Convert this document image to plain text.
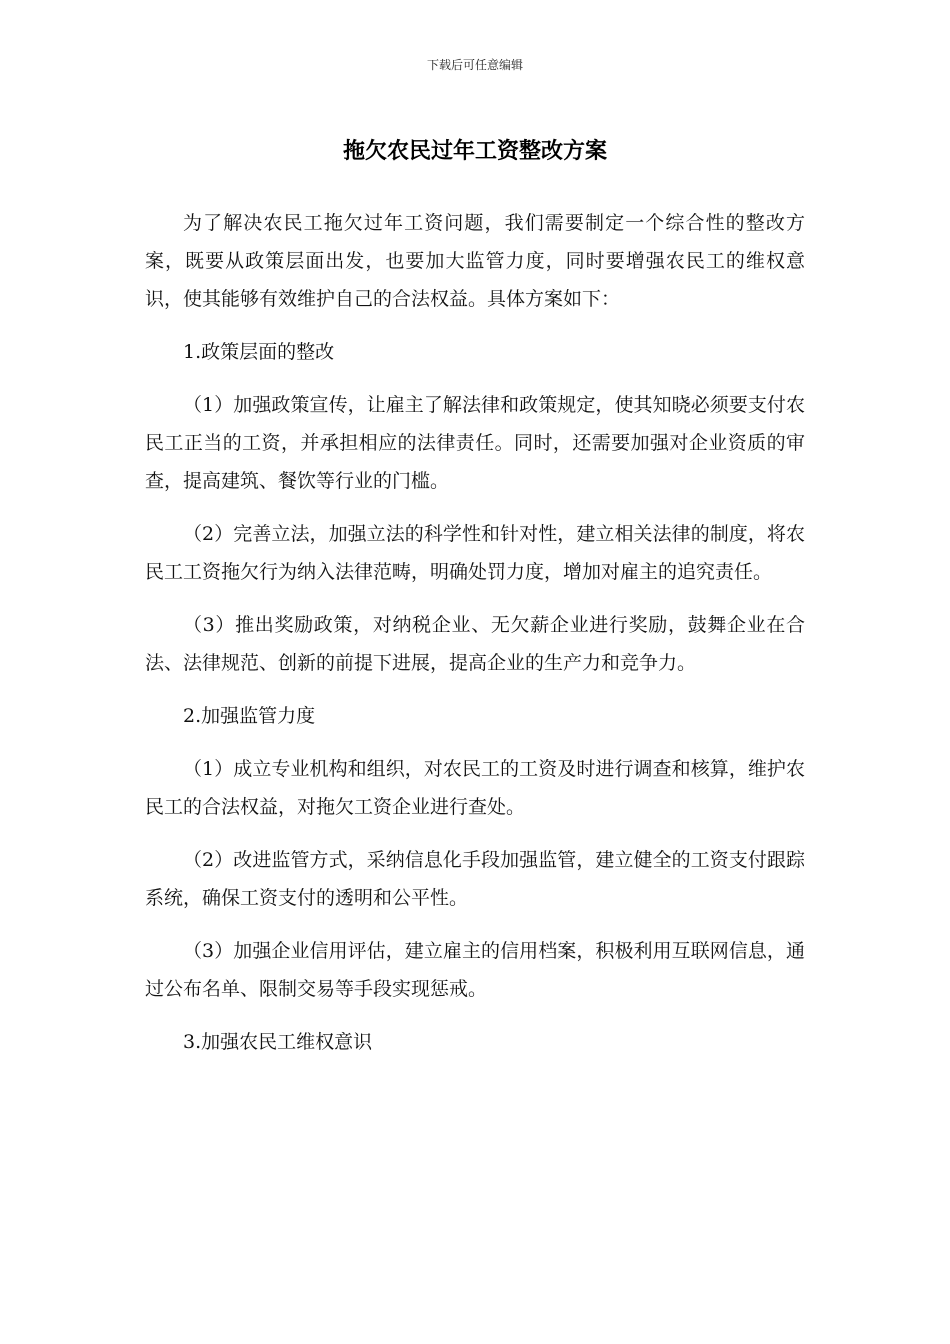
下载后可任意编辑
拖欠农民过年工资整改方案

为了解决农民工拖欠过年工资问题，我们需要制定一个综合性的整改方案，既要从政策层面出发，也要加大监管力度，同时要增强农民工的维权意识，使其能够有效维护自己的合法权益。具体方案如下：

1.政策层面的整改

（1）加强政策宣传，让雇主了解法律和政策规定，使其知晓必须要支付农民工正当的工资，并承担相应的法律责任。同时，还需要加强对企业资质的审查，提高建筑、餐饮等行业的门槛。

（2）完善立法，加强立法的科学性和针对性，建立相关法律的制度，将农民工工资拖欠行为纳入法律范畴，明确处罚力度，增加对雇主的追究责任。

（3）推出奖励政策，对纳税企业、无欠薪企业进行奖励，鼓舞企业在合法、法律规范、创新的前提下进展，提高企业的生产力和竞争力。

2.加强监管力度

（1）成立专业机构和组织，对农民工的工资及时进行调查和核算，维护农民工的合法权益，对拖欠工资企业进行查处。

（2）改进监管方式，采纳信息化手段加强监管，建立健全的工资支付跟踪系统，确保工资支付的透明和公平性。

（3）加强企业信用评估，建立雇主的信用档案，积极利用互联网信息，通过公布名单、限制交易等手段实现惩戒。

3.加强农民工维权意识
